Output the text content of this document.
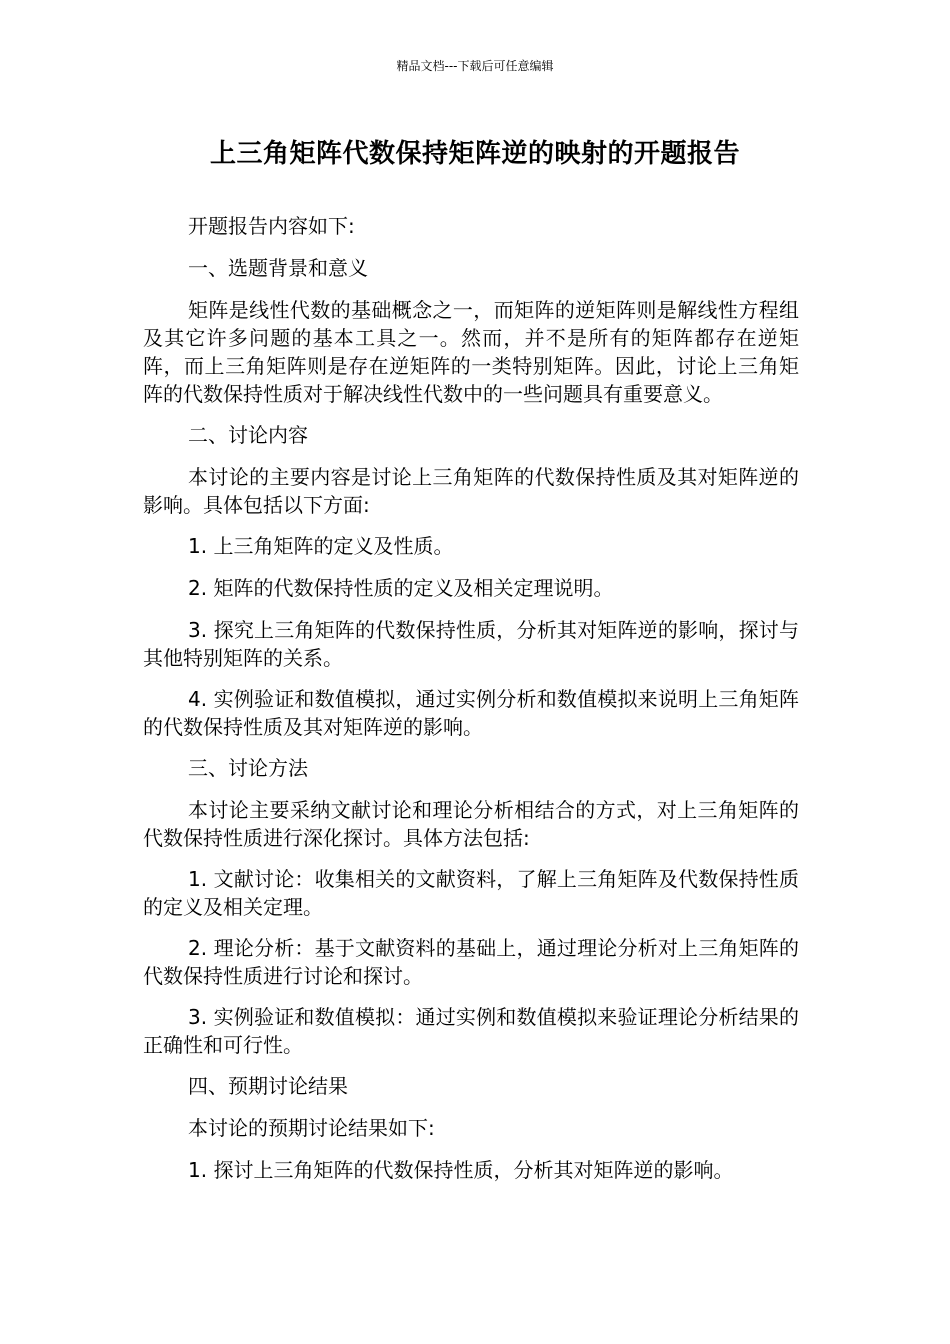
精品文档---下载后可任意编辑
上三角矩阵代数保持矩阵逆的映射的开题报告

开题报告内容如下:

一、选题背景和意义

矩阵是线性代数的基础概念之一，而矩阵的逆矩阵则是解线性方程组及其它许多问题的基本工具之一。然而，并不是所有的矩阵都存在逆矩阵，而上三角矩阵则是存在逆矩阵的一类特别矩阵。因此，讨论上三角矩阵的代数保持性质对于解决线性代数中的一些问题具有重要意义。

二、讨论内容

本讨论的主要内容是讨论上三角矩阵的代数保持性质及其对矩阵逆的影响。具体包括以下方面:

1. 上三角矩阵的定义及性质。

2. 矩阵的代数保持性质的定义及相关定理说明。

3. 探究上三角矩阵的代数保持性质，分析其对矩阵逆的影响，探讨与其他特别矩阵的关系。

4. 实例验证和数值模拟，通过实例分析和数值模拟来说明上三角矩阵的代数保持性质及其对矩阵逆的影响。

三、讨论方法

本讨论主要采纳文献讨论和理论分析相结合的方式，对上三角矩阵的代数保持性质进行深化探讨。具体方法包括:

1. 文献讨论：收集相关的文献资料，了解上三角矩阵及代数保持性质的定义及相关定理。

2. 理论分析：基于文献资料的基础上，通过理论分析对上三角矩阵的代数保持性质进行讨论和探讨。

3. 实例验证和数值模拟：通过实例和数值模拟来验证理论分析结果的正确性和可行性。

四、预期讨论结果

本讨论的预期讨论结果如下:

1. 探讨上三角矩阵的代数保持性质，分析其对矩阵逆的影响。
